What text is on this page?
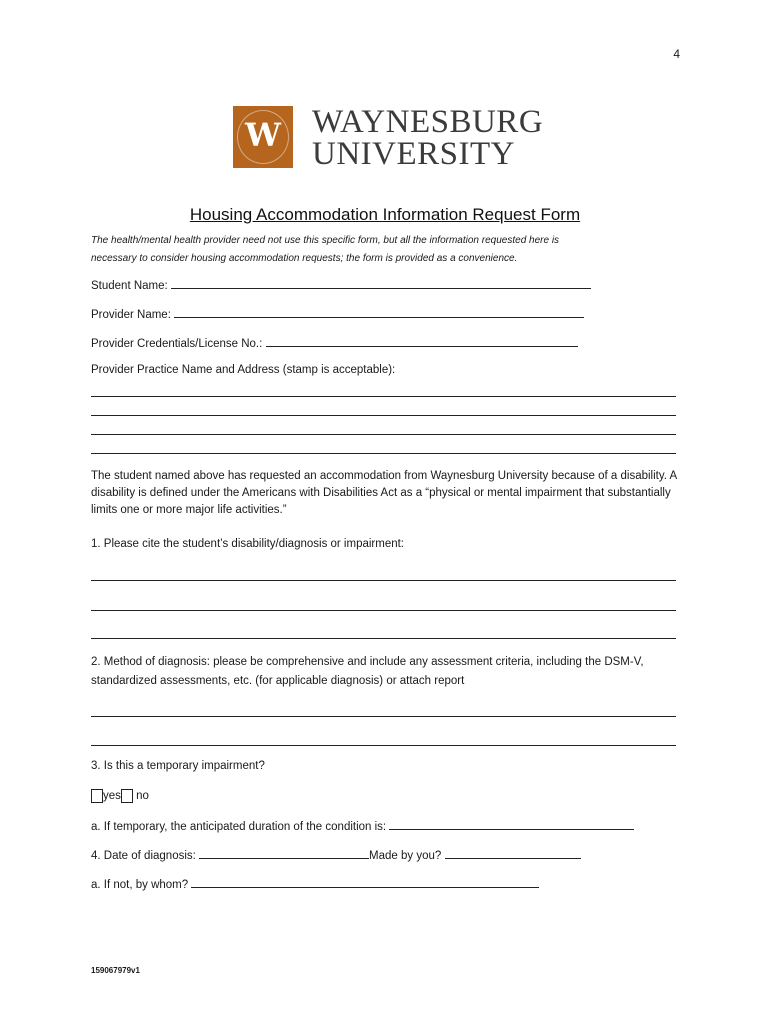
4
W WAYNESBURG
UNIVERSITY
Housing Accommodation Information Request Form
The health/mental health provider need not use this specific form, but all the information requested here is
necessary to consider housing accommodation requests; the form is provided as a convenience.
Student Name:
Provider Name:
Provider Credentials/License No.:
Provider Practice Name and Address (stamp is acceptable):
The student named above has requested an accommodation from Waynesburg University because of a disability. A disability is defined under the Americans with Disabilities Act as a “physical or mental impairment that substantially limits one or more major life activities.”
1. Please cite the student’s disability/diagnosis or impairment:
2. Method of diagnosis: please be comprehensive and include any assessment criteria, including the DSM-V, standardized assessments, etc. (for applicable diagnosis) or attach report
3. Is this a temporary impairment?
yes no
a. If temporary, the anticipated duration of the condition is:
4. Date of diagnosis:	Made by you?
a. If not, by whom?
159067979v1
